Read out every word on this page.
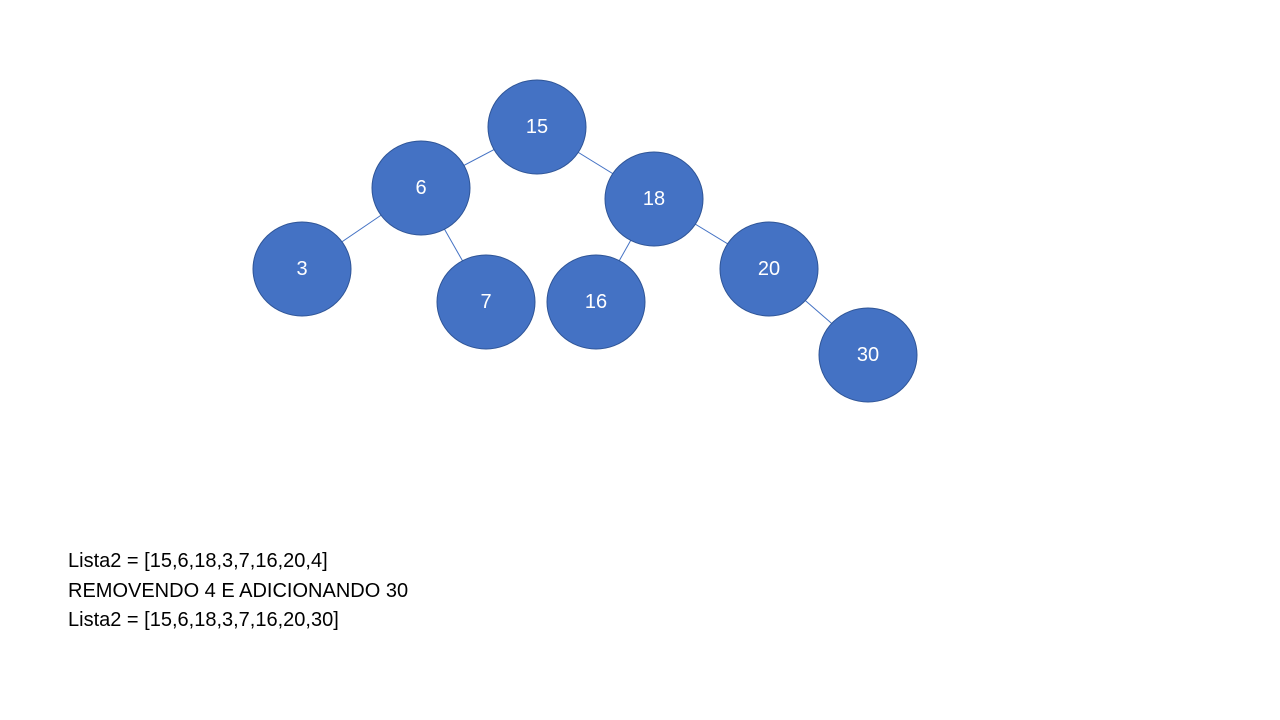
15
6	18
3
7	16
20
30
Lista2 = [15,6,18,3,7,16,20,4]
REMOVENDO 4 E ADICIONANDO 30
Lista2 = [15,6,18,3,7,16,20,30]
